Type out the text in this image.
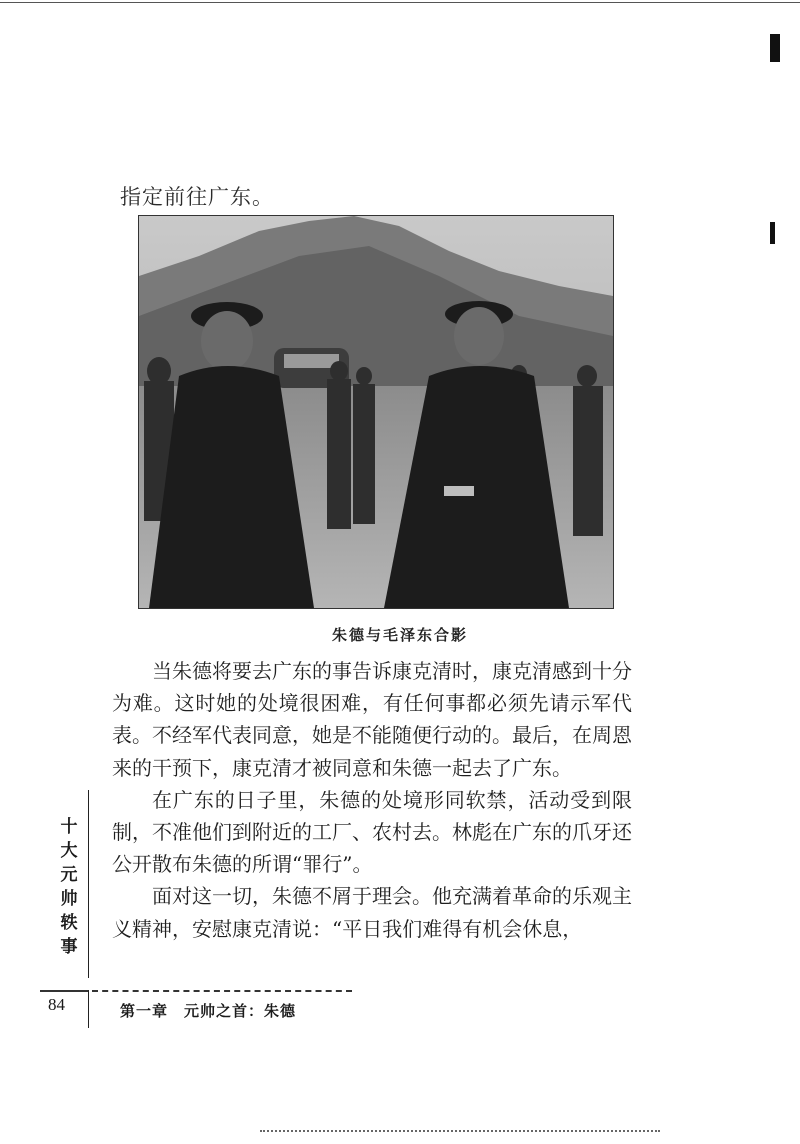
指定前往广东。
朱德与毛泽东合影

当朱德将要去广东的事告诉康克清时，康克清感到十分为难。这时她的处境很困难，有任何事都必须先请示军代表。不经军代表同意，她是不能随便行动的。最后，在周恩来的干预下，康克清才被同意和朱德一起去了广东。

在广东的日子里，朱德的处境形同软禁，活动受到限制，不准他们到附近的工厂、农村去。林彪在广东的爪牙还公开散布朱德的所谓“罪行”。

面对这一切，朱德不屑于理会。他充满着革命的乐观主义精神，安慰康克清说：“平日我们难得有机会休息，

十
大
元
帅
轶
事
84	第一章　元帅之首：朱德
